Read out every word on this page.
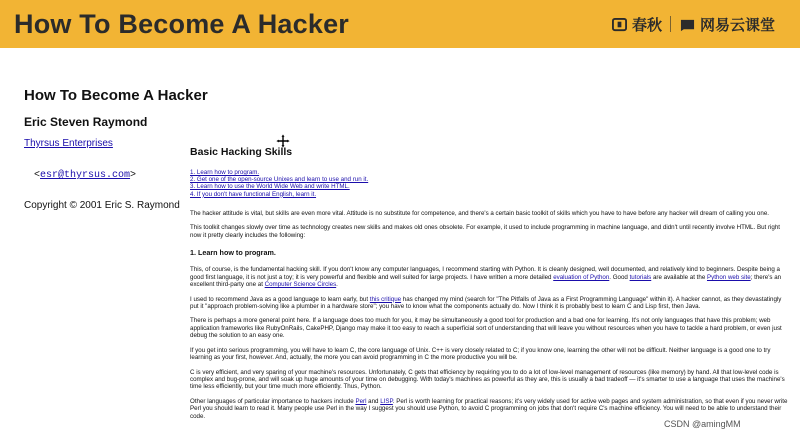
How To Become A Hacker	春秋	网易云课堂
How To Become A Hacker
Eric Steven Raymond
Thyrsus Enterprises
<esr@thyrsus.com>
Copyright © 2001 Eric S. Raymond

Basic Hacking Skills

1. Learn how to program.
2. Get one of the open-source Unixes and learn to use and run it.
3. Learn how to use the World Wide Web and write HTML.
4. If you don't have functional English, learn it.

The hacker attitude is vital, but skills are even more vital. Attitude is no substitute for competence, and there's a certain basic toolkit of skills which you have to have before any hacker will dream of calling you one.

This toolkit changes slowly over time as technology creates new skills and makes old ones obsolete. For example, it used to include programming in machine language, and didn't until recently involve HTML. But right now it pretty clearly includes the following:

1. Learn how to program.

This, of course, is the fundamental hacking skill. If you don't know any computer languages, I recommend starting with Python. It is cleanly designed, well documented, and relatively kind to beginners. Despite being a good first language, it is not just a toy; it is very powerful and flexible and well suited for large projects. I have written a more detailed evaluation of Python. Good tutorials are available at the Python web site; there's an excellent third-party one at Computer Science Circles.

I used to recommend Java as a good language to learn early, but this critique has changed my mind (search for "The Pitfalls of Java as a First Programming Language" within it). A hacker cannot, as they devastatingly put it "approach problem-solving like a plumber in a hardware store"; you have to know what the components actually do. Now I think it is probably best to learn C and Lisp first, then Java.

There is perhaps a more general point here. If a language does too much for you, it may be simultaneously a good tool for production and a bad one for learning. It's not only languages that have this problem; web application frameworks like RubyOnRails, CakePHP, Django may make it too easy to reach a superficial sort of understanding that will leave you without resources when you have to tackle a hard problem, or even just debug the solution to an easy one.

If you get into serious programming, you will have to learn C, the core language of Unix. C++ is very closely related to C; if you know one, learning the other will not be difficult. Neither language is a good one to try learning as your first, however. And, actually, the more you can avoid programming in C the more productive you will be.

C is very efficient, and very sparing of your machine's resources. Unfortunately, C gets that efficiency by requiring you to do a lot of low-level management of resources (like memory) by hand. All that low-level code is complex and bug-prone, and will soak up huge amounts of your time on debugging. With today's machines as powerful as they are, this is usually a bad tradeoff — it's smarter to use a language that uses the machine's time less efficiently, but your time much more efficiently. Thus, Python.

Other languages of particular importance to hackers include Perl and LISP. Perl is worth learning for practical reasons; it's very widely used for active web pages and system administration, so that even if you never write Perl you should learn to read it. Many people use Perl in the way I suggest you should use Python, to avoid C programming on jobs that don't require C's machine efficiency. You will need to be able to understand their code.

CSDN @amingMM
